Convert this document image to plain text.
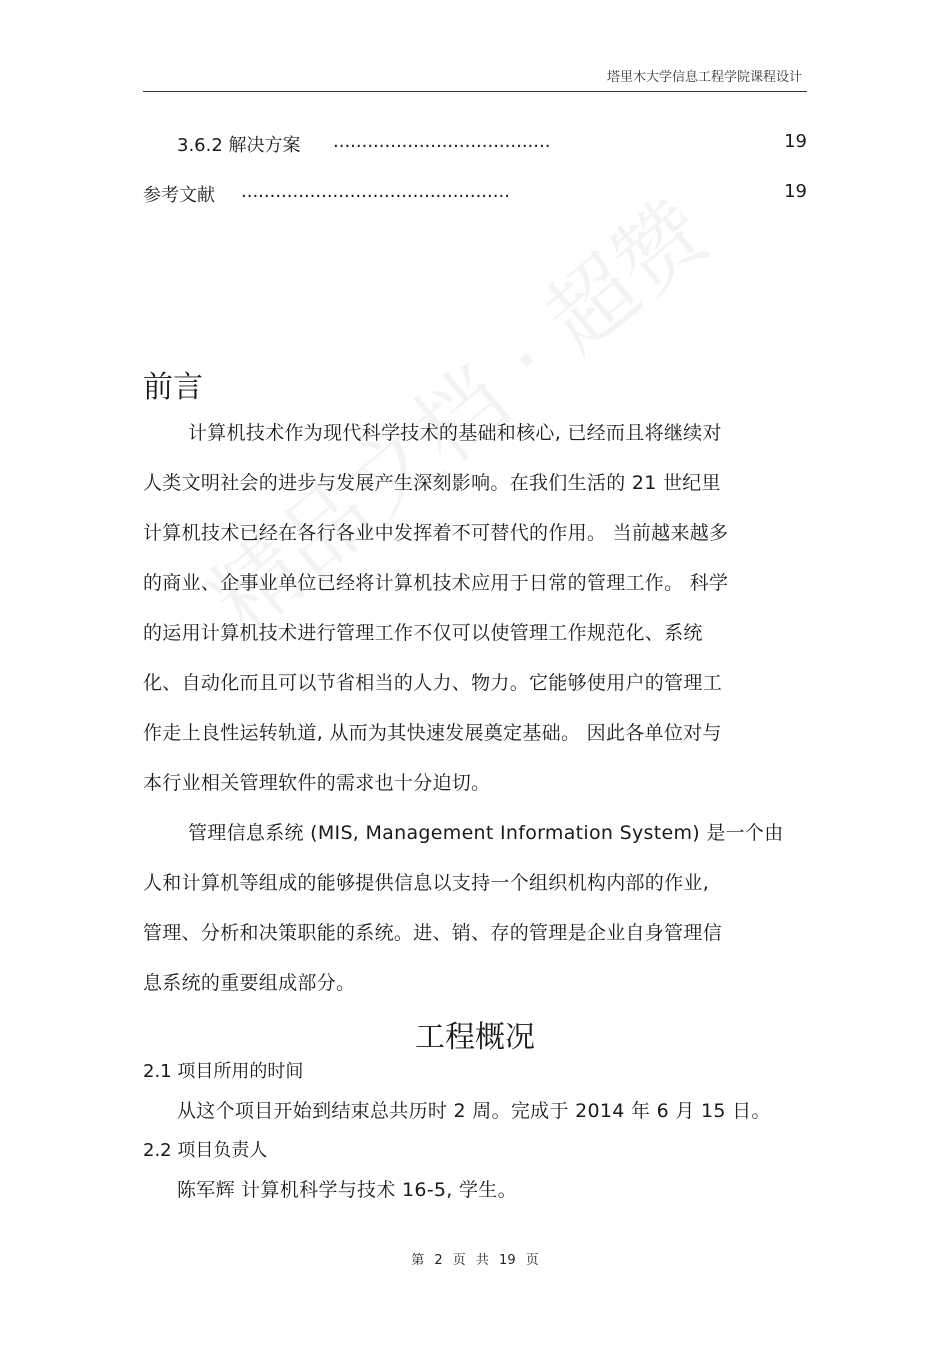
塔里木大学信息工程学院课程设计
3.6.2 解决方案 ......................................	19
参考文献 ...............................................	19
前言
计算机技术作为现代科学技术的基础和核心, 已经而且将继续对
人类文明社会的进步与发展产生深刻影响。在我们生活的 21 世纪里
计算机技术已经在各行各业中发挥着不可替代的作用。 当前越来越多
的商业、企事业单位已经将计算机技术应用于日常的管理工作。 科学
的运用计算机技术进行管理工作不仅可以使管理工作规范化、系统
化、自动化而且可以节省相当的人力、物力。它能够使用户的管理工
作走上良性运转轨道, 从而为其快速发展奠定基础。 因此各单位对与
本行业相关管理软件的需求也十分迫切。
管理信息系统 (MIS, Management Information System) 是一个由
人和计算机等组成的能够提供信息以支持一个组织机构内部的作业,
管理、分析和决策职能的系统。进、销、存的管理是企业自身管理信
息系统的重要组成部分。
工程概况
2.1 项目所用的时间
从这个项目开始到结束总共历时 2 周。完成于 2014 年 6 月 15 日。
2.2 项目负责人
陈军辉 计算机科学与技术 16-5, 学生。
第 2 页 共 19 页
